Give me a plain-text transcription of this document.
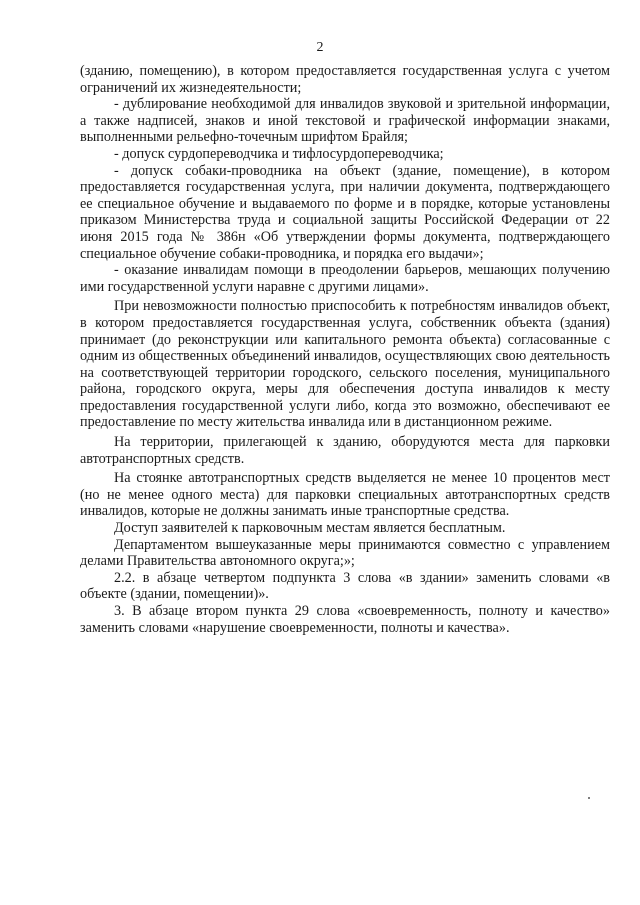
2

(зданию, помещению), в котором предоставляется государственная услуга с учетом ограничений их жизнедеятельности;

- дублирование необходимой для инвалидов звуковой и зрительной информации, а также надписей, знаков и иной текстовой и графической информации знаками, выполненными рельефно-точечным шрифтом Брайля;

- допуск сурдопереводчика и тифлосурдопереводчика;

- допуск собаки-проводника на объект (здание, помещение), в котором предоставляется государственная услуга, при наличии документа, подтверждающего ее специальное обучение и выдаваемого по форме и в порядке, которые установлены приказом Министерства труда и социальной защиты Российской Федерации от 22 июня 2015 года № 386н «Об утверждении формы документа, подтверждающего специальное обучение собаки-проводника, и порядка его выдачи»;

- оказание инвалидам помощи в преодолении барьеров, мешающих получению ими государственной услуги наравне с другими лицами».

При невозможности полностью приспособить к потребностям инвалидов объект, в котором предоставляется государственная услуга, собственник объекта (здания) принимает (до реконструкции или капитального ремонта объекта) согласованные с одним из общественных объединений инвалидов, осуществляющих свою деятельность на соответствующей территории городского, сельского поселения, муниципального района, городского округа, меры для обеспечения доступа инвалидов к месту предоставления государственной услуги либо, когда это возможно, обеспечивают ее предоставление по месту жительства инвалида или в дистанционном режиме.

На территории, прилегающей к зданию, оборудуются места для парковки автотранспортных средств.

На стоянке автотранспортных средств выделяется не менее 10 процентов мест (но не менее одного места) для парковки специальных автотранспортных средств инвалидов, которые не должны занимать иные транспортные средства.

Доступ заявителей к парковочным местам является бесплатным.

Департаментом вышеуказанные меры принимаются совместно с управлением делами Правительства автономного округа;»;

2.2. в абзаце четвертом подпункта 3 слова «в здании» заменить словами «в объекте (здании, помещении)».

3. В абзаце втором пункта 29 слова «своевременность, полноту и качество» заменить словами «нарушение своевременности, полноты и качества».
